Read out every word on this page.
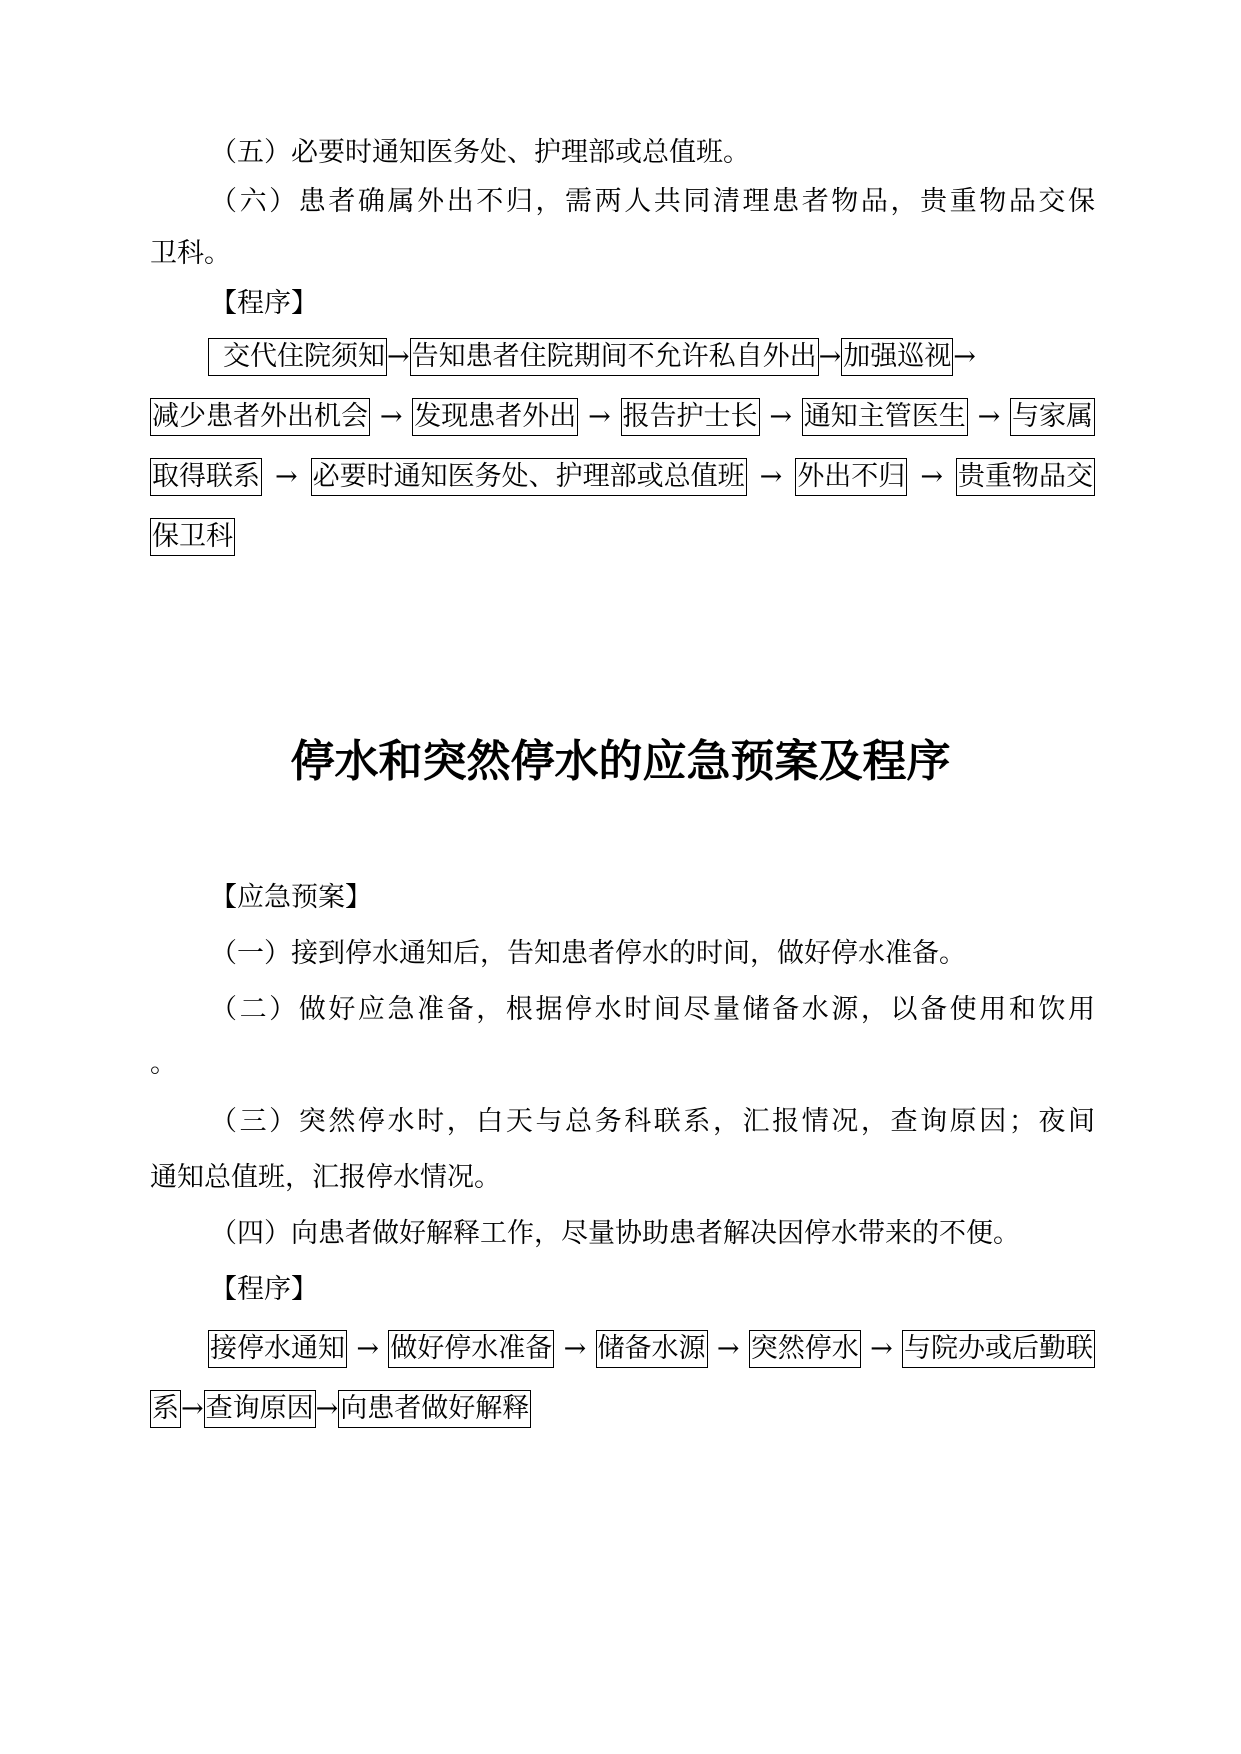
（五）必要时通知医务处、护理部或总值班。
（六）患者确属外出不归，需两人共同清理患者物品，贵重物品交保
卫科。
【程序】
交代住院须知 → 告知患者住院期间不允许私自外出 → 加强巡视 →
减少患者外出机会 → 发现患者外出 → 报告护士长 → 通知主管医生 → 与家属
取得联系 → 必要时通知医务处、护理部或总值班 → 外出不归 → 贵重物品交
保卫科
停水和突然停水的应急预案及程序
【应急预案】
（一）接到停水通知后，告知患者停水的时间，做好停水准备。
（二）做好应急准备，根据停水时间尽量储备水源，以备使用和饮用
。
（三）突然停水时，白天与总务科联系，汇报情况，查询原因；夜间
通知总值班，汇报停水情况。
（四）向患者做好解释工作，尽量协助患者解决因停水带来的不便。
【程序】
接停水通知 → 做好停水准备 → 储备水源 → 突然停水 → 与院办或后勤联
系 → 查询原因 → 向患者做好解释
